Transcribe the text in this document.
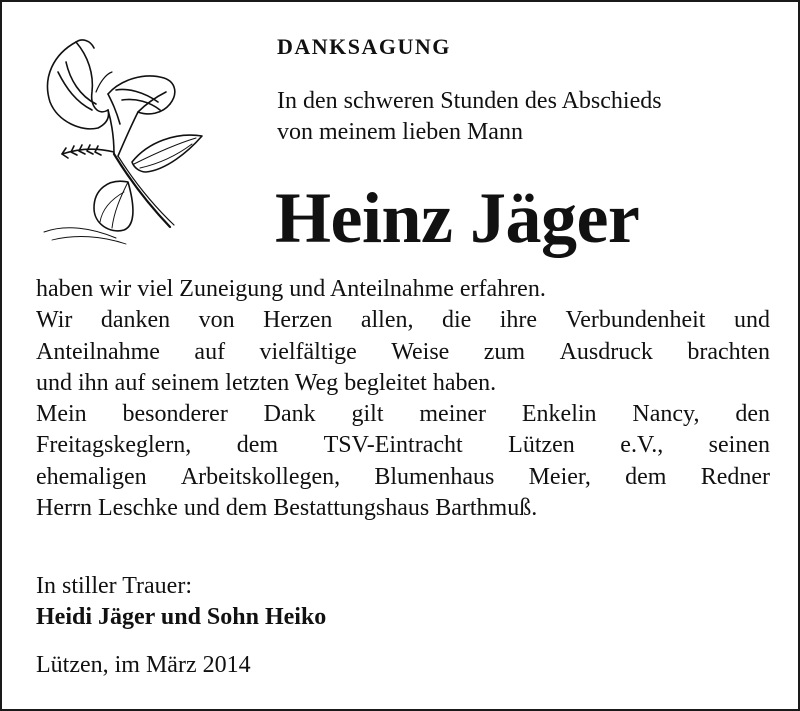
DANKSAGUNG
In den schweren Stunden des Abschieds
von meinem lieben Mann
Heinz Jäger
haben wir viel Zuneigung und Anteilnahme erfahren.
Wir danken von Herzen allen, die ihre Verbundenheit und
Anteilnahme auf vielfältige Weise zum Ausdruck brachten
und ihn auf seinem letzten Weg begleitet haben.
Mein besonderer Dank gilt meiner Enkelin Nancy, den
Freitagskeglern, dem TSV-Eintracht Lützen e.V., seinen
ehemaligen Arbeitskollegen, Blumenhaus Meier, dem Redner
Herrn Leschke und dem Bestattungshaus Barthmuß.
In stiller Trauer:
Heidi Jäger und Sohn Heiko
Lützen, im März 2014
